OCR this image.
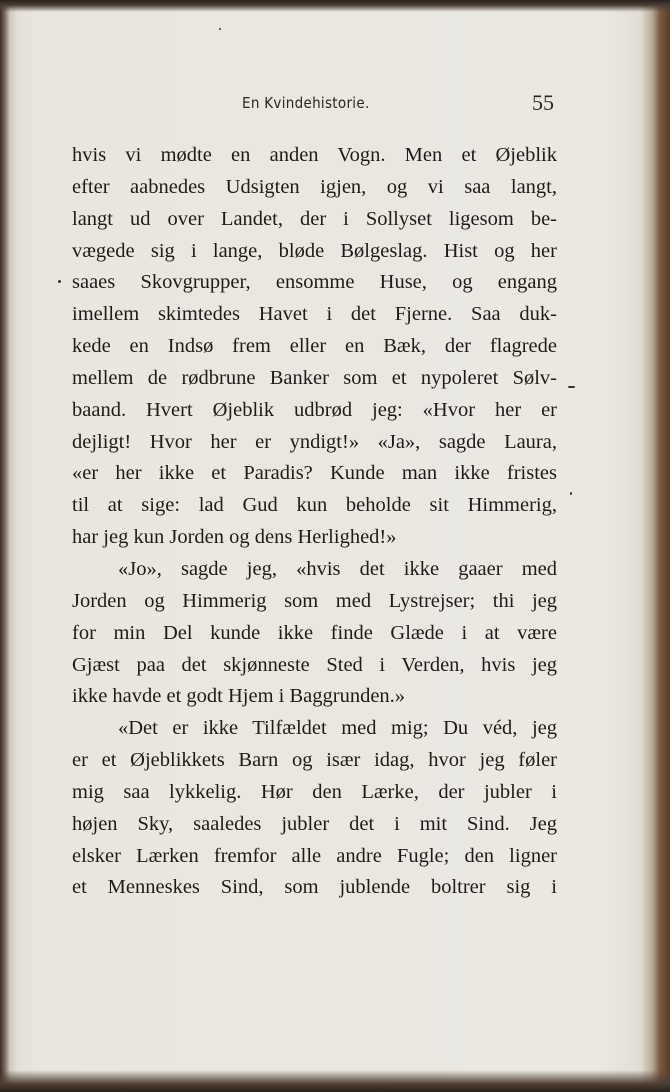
En Kvindehistorie.	55
hvis vi mødte en anden Vogn. Men et Øjeblik
efter aabnedes Udsigten igjen, og vi saa langt,
langt ud over Landet, der i Sollyset ligesom be-
vægede sig i lange, bløde Bølgeslag. Hist og her
saaes Skovgrupper, ensomme Huse, og engang
imellem skimtedes Havet i det Fjerne. Saa duk-
kede en Indsø frem eller en Bæk, der flagrede
mellem de rødbrune Banker som et nypoleret Sølv-
baand. Hvert Øjeblik udbrød jeg: «Hvor her er
dejligt! Hvor her er yndigt!» «Ja», sagde Laura,
«er her ikke et Paradis? Kunde man ikke fristes
til at sige: lad Gud kun beholde sit Himmerig,
har jeg kun Jorden og dens Herlighed!»
«Jo», sagde jeg, «hvis det ikke gaaer med
Jorden og Himmerig som med Lystrejser; thi jeg
for min Del kunde ikke finde Glæde i at være
Gjæst paa det skjønneste Sted i Verden, hvis jeg
ikke havde et godt Hjem i Baggrunden.»
«Det er ikke Tilfældet med mig; Du véd, jeg
er et Øjeblikkets Barn og især idag, hvor jeg føler
mig saa lykkelig. Hør den Lærke, der jubler i
højen Sky, saaledes jubler det i mit Sind. Jeg
elsker Lærken fremfor alle andre Fugle; den ligner
et Menneskes Sind, som jublende boltrer sig i
